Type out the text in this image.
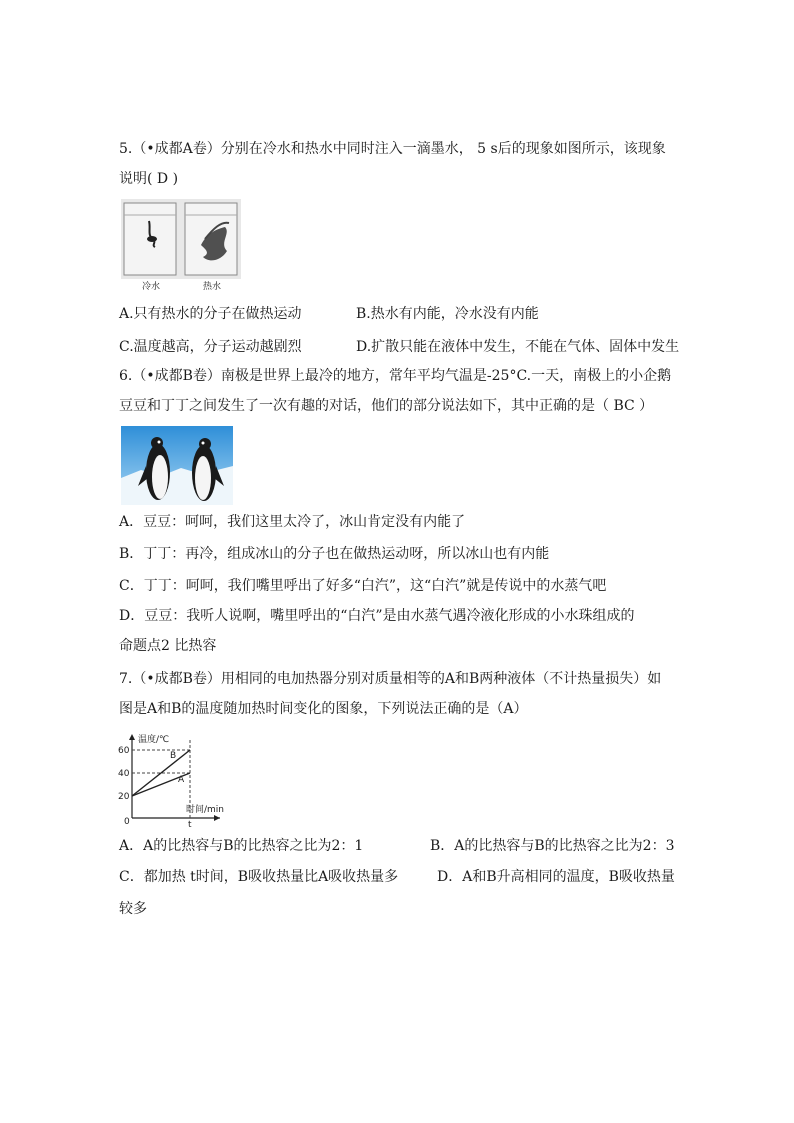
5.（•成都A卷）分别在冷水和热水中同时注入一滴墨水， 5 s后的现象如图所示，该现象
说明( D )
冷水	热水
A.只有热水的分子在做热运动	B.热水有内能，冷水没有内能
C.温度越高，分子运动越剧烈	D.扩散只能在液体中发生，不能在气体、固体中发生
6.（•成都B卷）南极是世界上最冷的地方，常年平均气温是-25°C.一天，南极上的小企鹅
豆豆和丁丁之间发生了一次有趣的对话，他们的部分说法如下，其中正确的是（ BC ）
A．豆豆：呵呵，我们这里太冷了，冰山肯定没有内能了
B．丁丁：再冷，组成冰山的分子也在做热运动呀，所以冰山也有内能
C．丁丁：呵呵，我们嘴里呼出了好多“白汽”，这“白汽”就是传说中的水蒸气吧
D．豆豆：我听人说啊，嘴里呼出的“白汽”是由水蒸气遇冷液化形成的小水珠组成的
命题点2 比热容
7.（•成都B卷）用相同的电加热器分别对质量相等的A和B两种液体（不计热量损失）如
图是A和B的温度随加热时间变化的图象，下列说法正确的是（A）
温度/℃
60
40
20
0	t
时间/min
B
A
A．A的比热容与B的比热容之比为2：1	B．A的比热容与B的比热容之比为2：3
C．都加热 t时间，B吸收热量比A吸收热量多	D．A和B升高相同的温度，B吸收热量
较多
